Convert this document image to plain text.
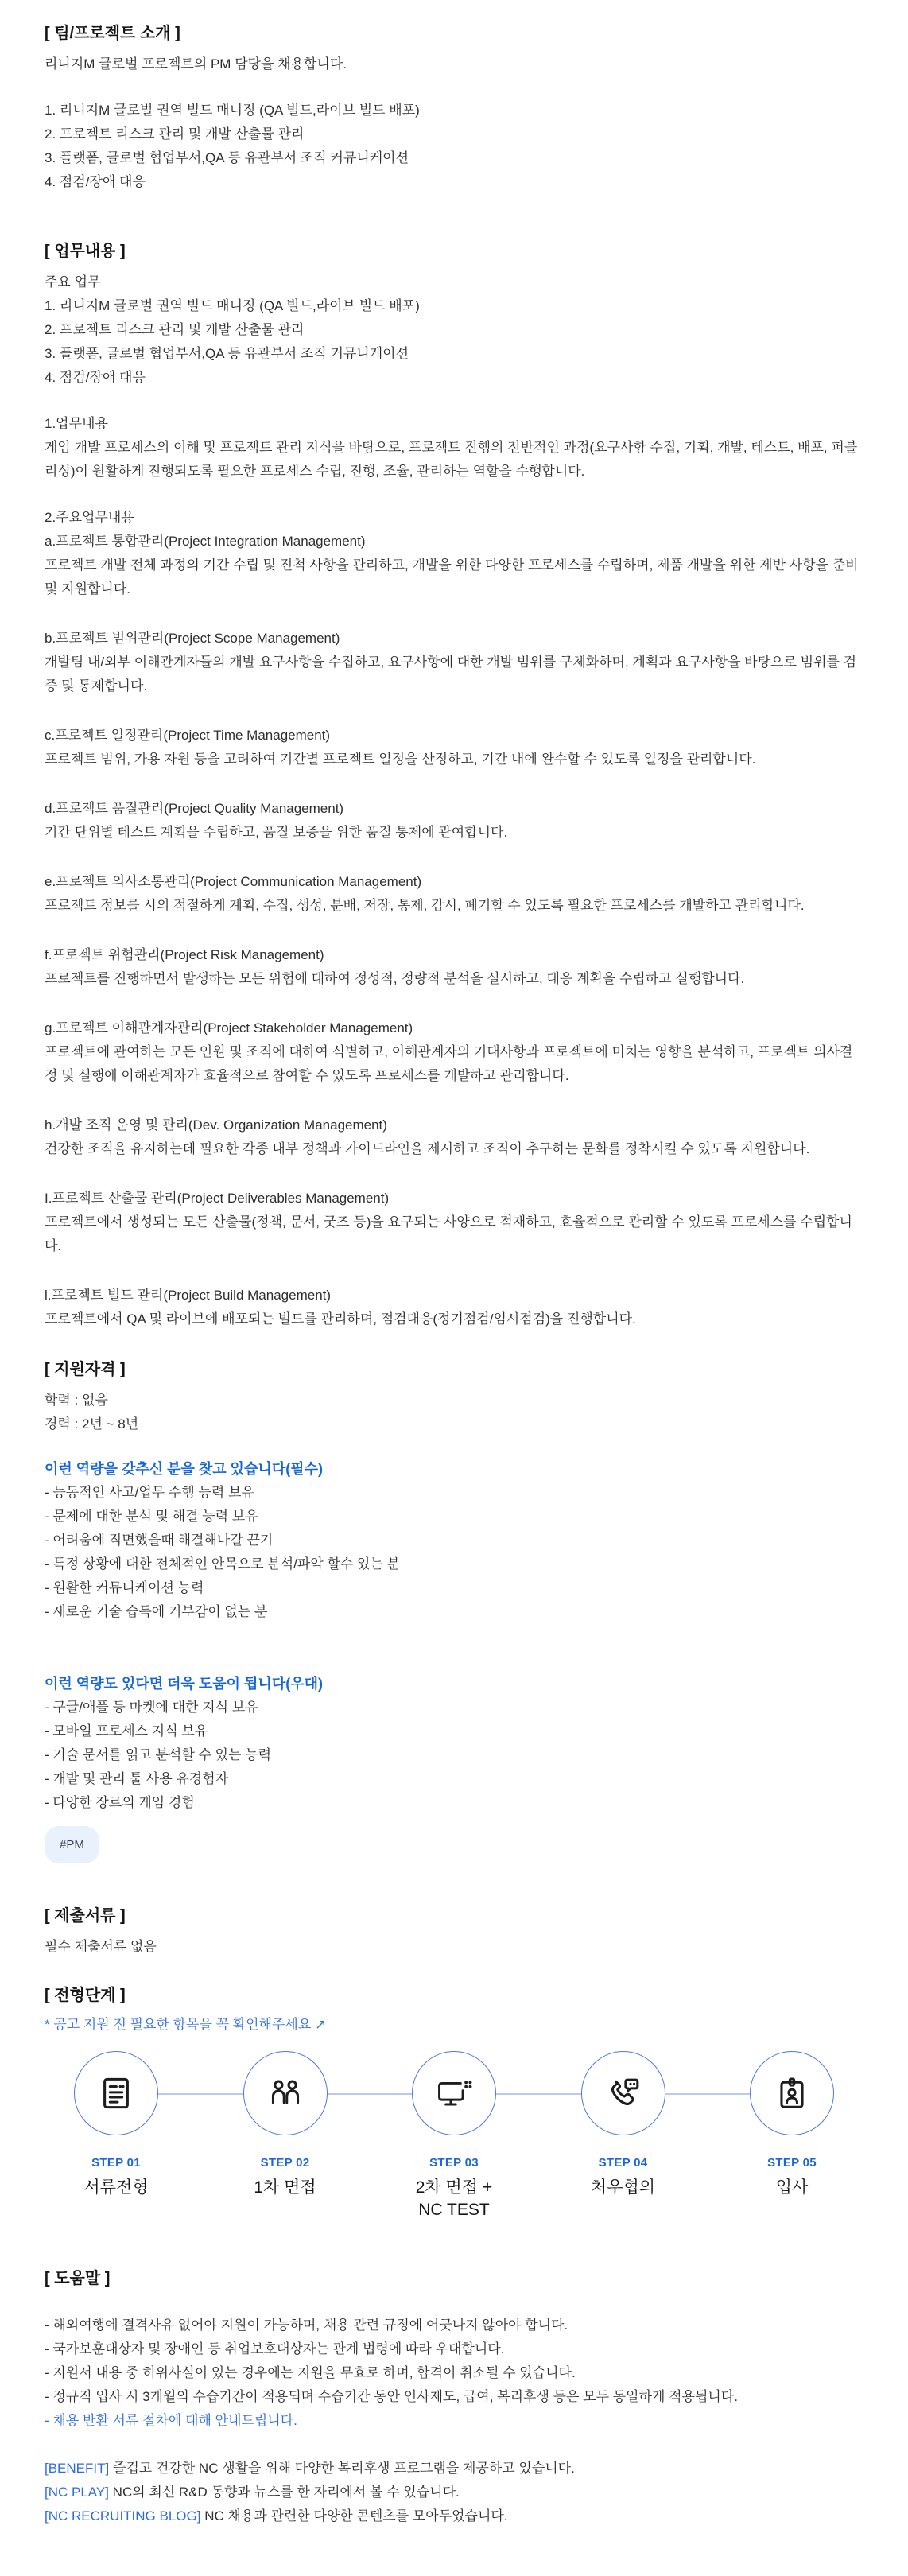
[ 팀/프로젝트 소개 ]

리니지M 글로벌 프로젝트의 PM 담당을 채용합니다.

1. 리니지M 글로벌 권역 빌드 매니징 (QA 빌드,라이브 빌드 배포)

2. 프로젝트 리스크 관리 및 개발 산출물 관리

3. 플랫폼, 글로벌 협업부서,QA 등 유관부서 조직 커뮤니케이션

4. 점검/장애 대응

[ 업무내용 ]

주요 업무

1. 리니지M 글로벌 권역 빌드 매니징 (QA 빌드,라이브 빌드 배포)

2. 프로젝트 리스크 관리 및 개발 산출물 관리

3. 플랫폼, 글로벌 협업부서,QA 등 유관부서 조직 커뮤니케이션

4. 점검/장애 대응

1.업무내용

게임 개발 프로세스의 이해 및 프로젝트 관리 지식을 바탕으로, 프로젝트 진행의 전반적인 과정(요구사항 수집, 기획, 개발, 테스트, 배포, 퍼블리싱)이 원활하게 진행되도록 필요한 프로세스 수립, 진행, 조율, 관리하는 역할을 수행합니다.

2.주요업무내용

a.프로젝트 통합관리(Project Integration Management)

프로젝트 개발 전체 과정의 기간 수립 및 진척 사항을 관리하고, 개발을 위한 다양한 프로세스를 수립하며, 제품 개발을 위한 제반 사항을 준비 및 지원합니다.

b.프로젝트 범위관리(Project Scope Management)

개발팀 내/외부 이해관계자들의 개발 요구사항을 수집하고, 요구사항에 대한 개발 범위를 구체화하며, 계획과 요구사항을 바탕으로 범위를 검증 및 통제합니다.

c.프로젝트 일정관리(Project Time Management)

프로젝트 범위, 가용 자원 등을 고려하여 기간별 프로젝트 일정을 산정하고, 기간 내에 완수할 수 있도록 일정을 관리합니다.

d.프로젝트 품질관리(Project Quality Management)

기간 단위별 테스트 계획을 수립하고, 품질 보증을 위한 품질 통제에 관여합니다.

e.프로젝트 의사소통관리(Project Communication Management)

프로젝트 정보를 시의 적절하게 계획, 수집, 생성, 분배, 저장, 통제, 감시, 폐기할 수 있도록 필요한 프로세스를 개발하고 관리합니다.

f.프로젝트 위험관리(Project Risk Management)

프로젝트를 진행하면서 발생하는 모든 위험에 대하여 정성적, 정량적 분석을 실시하고, 대응 계획을 수립하고 실행합니다.

g.프로젝트 이해관계자관리(Project Stakeholder Management)

프로젝트에 관여하는 모든 인원 및 조직에 대하여 식별하고, 이해관계자의 기대사항과 프로젝트에 미치는 영향을 분석하고, 프로젝트 의사결정 및 실행에 이해관계자가 효율적으로 참여할 수 있도록 프로세스를 개발하고 관리합니다.

h.개발 조직 운영 및 관리(Dev. Organization Management)

건강한 조직을 유지하는데 필요한 각종 내부 정책과 가이드라인을 제시하고 조직이 추구하는 문화를 정착시킬 수 있도록 지원합니다.

I.프로젝트 산출물 관리(Project Deliverables Management)

프로젝트에서 생성되는 모든 산출물(정책, 문서, 굿즈 등)을 요구되는 사양으로 적재하고, 효율적으로 관리할 수 있도록 프로세스를 수립합니다.

l.프로젝트 빌드 관리(Project Build Management)

프로젝트에서 QA 및 라이브에 배포되는 빌드를 관리하며, 점검대응(정기점검/임시점검)을 진행합니다.

[ 지원자격 ]

학력 : 없음

경력 : 2년 ~ 8년

이런 역량을 갖추신 분을 찾고 있습니다(필수)

- 능동적인 사고/업무 수행 능력 보유

- 문제에 대한 분석 및 해결 능력 보유

- 어려움에 직면했을때 해결해나갈 끈기

- 특정 상황에 대한 전체적인 안목으로 분석/파악 할수 있는 분

- 원활한 커뮤니케이션 능력

- 새로운 기술 습득에 거부감이 없는 분

이런 역량도 있다면 더욱 도움이 됩니다(우대)

- 구글/애플 등 마켓에 대한 지식 보유

- 모바일 프로세스 지식 보유

- 기술 문서를 읽고 분석할 수 있는 능력

- 개발 및 관리 툴 사용 유경험자

- 다양한 장르의 게임 경험

#PM

[ 제출서류 ]

필수 제출서류 없음

[ 전형단계 ]

* 공고 지원 전 필요한 항목을 꼭 확인해주세요 ↗

STEP 01
서류전형
STEP 02
1차 면접
STEP 03
2차 면접 +
NC TEST
STEP 04
처우협의
STEP 05
입사

[ 도움말 ]

- 해외여행에 결격사유 없어야 지원이 가능하며, 채용 관련 규정에 어긋나지 않아야 합니다.

- 국가보훈대상자 및 장애인 등 취업보호대상자는 관계 법령에 따라 우대합니다.

- 지원서 내용 중 허위사실이 있는 경우에는 지원을 무효로 하며, 합격이 취소될 수 있습니다.

- 정규직 입사 시 3개월의 수습기간이 적용되며 수습기간 동안 인사제도, 급여, 복리후생 등은 모두 동일하게 적용됩니다.

- 채용 반환 서류 절차에 대해 안내드립니다.

[BENEFIT] 즐겁고 건강한 NC 생활을 위해 다양한 복리후생 프로그램을 제공하고 있습니다.

[NC PLAY] NC의 최신 R&D 동향과 뉴스를 한 자리에서 볼 수 있습니다.

[NC RECRUITING BLOG] NC 채용과 관련한 다양한 콘텐츠를 모아두었습니다.
